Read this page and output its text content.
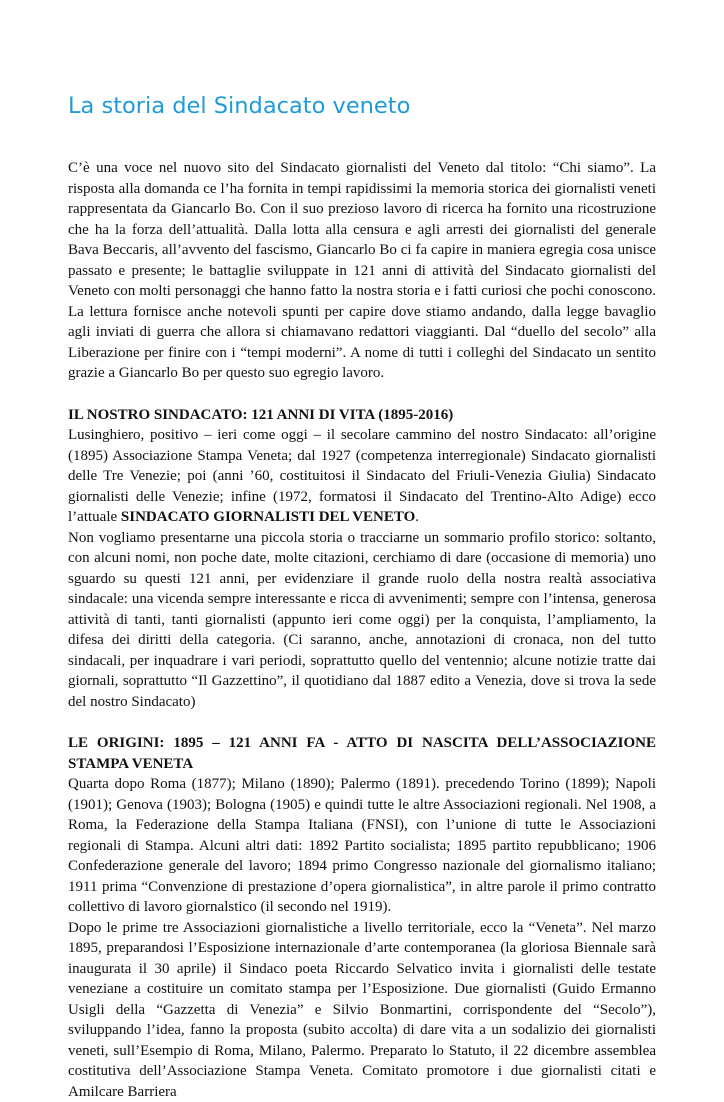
La storia del Sindacato veneto

C’è una voce nel nuovo sito del Sindacato giornalisti del Veneto dal titolo: “Chi siamo”. La risposta alla domanda ce l’ha fornita in tempi rapidissimi la memoria storica dei giornalisti veneti rappresentata da Giancarlo Bo. Con il suo prezioso lavoro di ricerca ha fornito una ricostruzione che ha la forza dell’attualità. Dalla lotta alla censura e agli arresti dei giornalisti del generale Bava Beccaris, all’avvento del fascismo, Giancarlo Bo ci fa capire in maniera egregia cosa unisce passato e presente; le battaglie sviluppate in 121 anni di attività del Sindacato giornalisti del Veneto con molti personaggi che hanno fatto la nostra storia e i fatti curiosi che pochi conoscono. La lettura fornisce anche notevoli spunti per capire dove stiamo andando, dalla legge bavaglio agli inviati di guerra che allora si chiamavano redattori viaggianti. Dal “duello del secolo” alla Liberazione per finire con i “tempi moderni”. A nome di tutti i colleghi del Sindacato un sentito grazie a Giancarlo Bo per questo suo egregio lavoro.

IL NOSTRO SINDACATO: 121 ANNI DI VITA (1895-2016)

Lusinghiero, positivo – ieri come oggi – il secolare cammino del nostro Sindacato: all’origine (1895) Associazione Stampa Veneta; dal 1927 (competenza interregionale) Sindacato giornalisti delle Tre Venezie; poi (anni ’60, costituitosi il Sindacato del Friuli-Venezia Giulia) Sindacato giornalisti delle Venezie; infine (1972, formatosi il Sindacato del Trentino-Alto Adige) ecco l’attuale SINDACATO GIORNALISTI DEL VENETO.

Non vogliamo presentarne una piccola storia o tracciarne un sommario profilo storico: soltanto, con alcuni nomi, non poche date, molte citazioni, cerchiamo di dare (occasione di memoria) uno sguardo su questi 121 anni, per evidenziare il grande ruolo della nostra realtà associativa sindacale: una vicenda sempre interessante e ricca di avvenimenti; sempre con l’intensa, generosa attività di tanti, tanti giornalisti (appunto ieri come oggi) per la conquista, l’ampliamento, la difesa dei diritti della categoria. (Ci saranno, anche, annotazioni di cronaca, non del tutto sindacali, per inquadrare i vari periodi, soprattutto quello del ventennio; alcune notizie tratte dai giornali, soprattutto “Il Gazzettino”, il quotidiano dal 1887 edito a Venezia, dove si trova la sede del nostro Sindacato)

LE ORIGINI: 1895 – 121 ANNI FA - ATTO DI NASCITA DELL’ASSOCIAZIONE STAMPA VENETA

Quarta dopo Roma (1877); Milano (1890); Palermo (1891). precedendo Torino (1899); Napoli (1901); Genova (1903); Bologna (1905) e quindi tutte le altre Associazioni regionali. Nel 1908, a Roma, la Federazione della Stampa Italiana (FNSI), con l’unione di tutte le Associazioni regionali di Stampa. Alcuni altri dati: 1892 Partito socialista; 1895 partito repubblicano; 1906 Confederazione generale del lavoro; 1894 primo Congresso nazionale del giornalismo italiano; 1911 prima “Convenzione di prestazione d’opera giornalistica”, in altre parole il primo contratto collettivo di lavoro giornalstico (il secondo nel 1919).

Dopo le prime tre Associazioni giornalistiche a livello territoriale, ecco la “Veneta”. Nel marzo 1895, preparandosi l’Esposizione internazionale d’arte contemporanea (la gloriosa Biennale sarà inaugurata il 30 aprile) il Sindaco poeta Riccardo Selvatico invita i giornalisti delle testate veneziane a costituire un comitato stampa per l’Esposizione. Due giornalisti (Guido Ermanno Usigli della “Gazzetta di Venezia” e Silvio Bonmartini, corrispondente del “Secolo”), sviluppando l’idea, fanno la proposta (subito accolta) di dare vita a un sodalizio dei giornalisti veneti, sull’Esempio di Roma, Milano, Palermo. Preparato lo Statuto, il 22 dicembre assemblea costitutiva dell’Associazione Stampa Veneta. Comitato promotore i due giornalisti citati e Amilcare Barriera
